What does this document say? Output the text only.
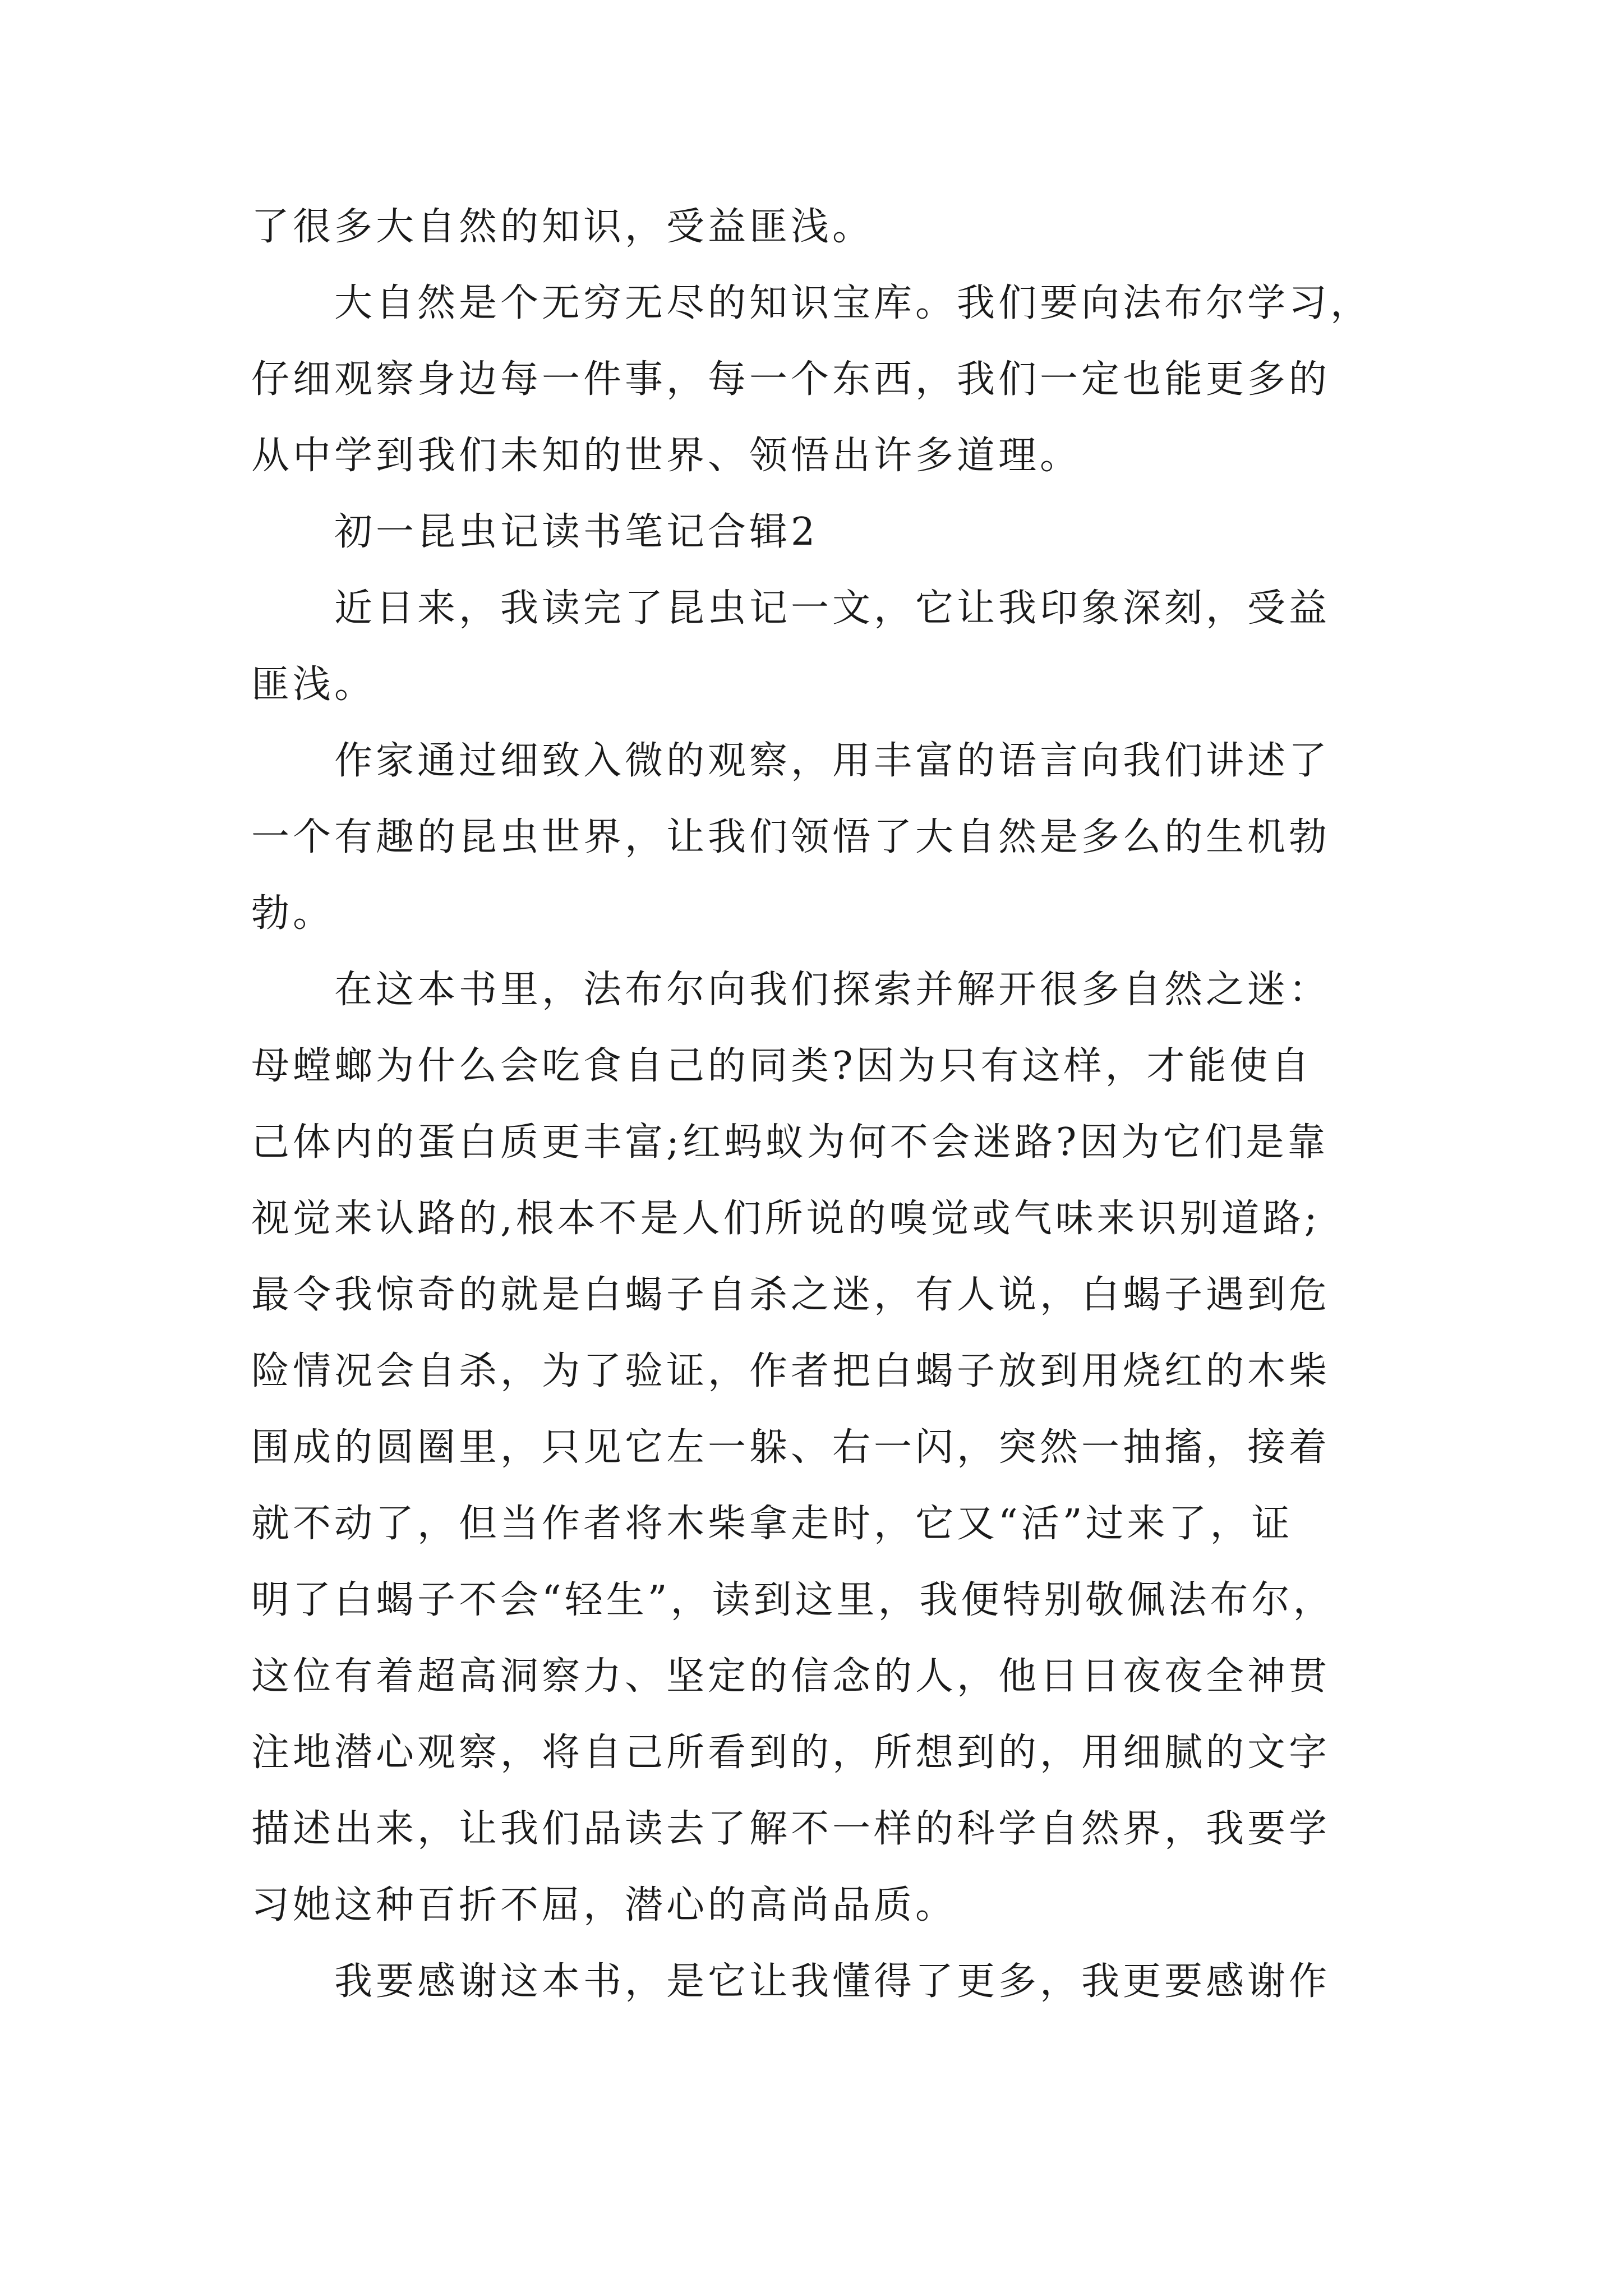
了很多大自然的知识，受益匪浅。
大自然是个无穷无尽的知识宝库。我们要向法布尔学习，
仔细观察身边每一件事，每一个东西，我们一定也能更多的
从中学到我们未知的世界、领悟出许多道理。
初一昆虫记读书笔记合辑2
近日来，我读完了昆虫记一文，它让我印象深刻，受益
匪浅。
作家通过细致入微的观察，用丰富的语言向我们讲述了
一个有趣的昆虫世界，让我们领悟了大自然是多么的生机勃
勃。
在这本书里，法布尔向我们探索并解开很多自然之迷：
母螳螂为什么会吃食自己的同类?因为只有这样，才能使自
己体内的蛋白质更丰富;红蚂蚁为何不会迷路?因为它们是靠
视觉来认路的,根本不是人们所说的嗅觉或气味来识别道路;
最令我惊奇的就是白蝎子自杀之迷，有人说，白蝎子遇到危
险情况会自杀，为了验证，作者把白蝎子放到用烧红的木柴
围成的圆圈里，只见它左一躲、右一闪，突然一抽搐，接着
就不动了，但当作者将木柴拿走时，它又“活”过来了，证
明了白蝎子不会“轻生”，读到这里，我便特别敬佩法布尔，
这位有着超高洞察力、坚定的信念的人，他日日夜夜全神贯
注地潜心观察，将自己所看到的，所想到的，用细腻的文字
描述出来，让我们品读去了解不一样的科学自然界，我要学
习她这种百折不屈，潜心的高尚品质。
我要感谢这本书，是它让我懂得了更多，我更要感谢作
